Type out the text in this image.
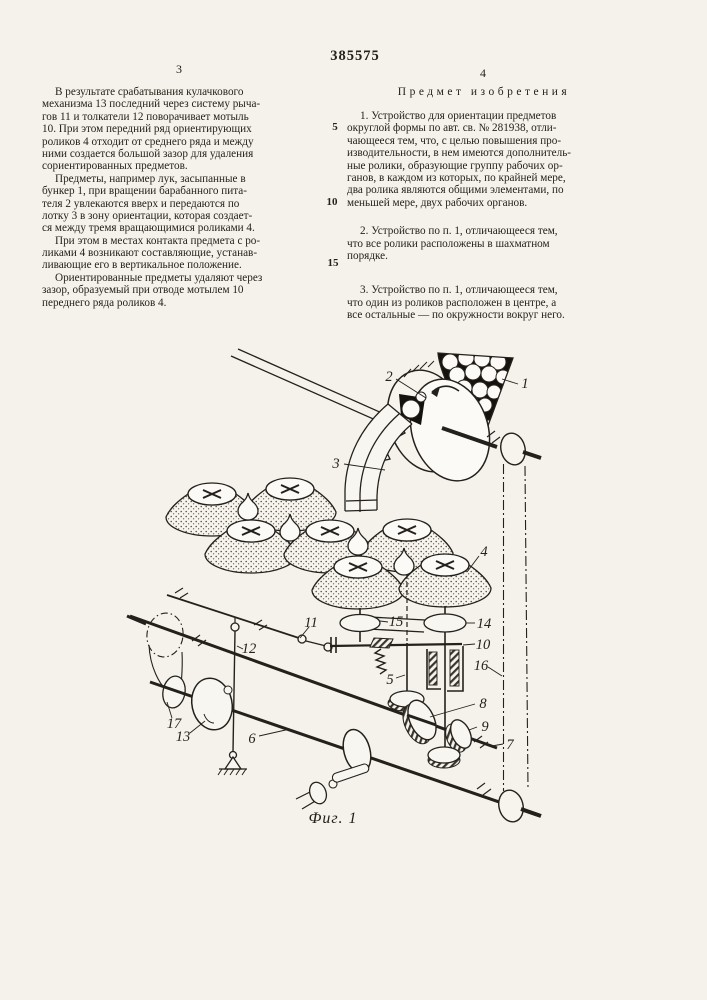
385575
3	4
5
10
15
В результате срабатывания кулачкового
механизма 13 последний через систему рыча-
гов 11 и толкатели 12 поворачивает мотыль
10. При этом передний ряд ориентирующих
роликов 4 отходит от среднего ряда и между
ними создается большой зазор для удаления
сориентированных предметов.
Предметы, например лук, засыпанные в
бункер 1, при вращении барабанного пита-
теля 2 увлекаются вверх и передаются по
лотку 3 в зону ориентации, которая создает-
ся между тремя вращающимися роликами 4.
При этом в местах контакта предмета с ро-
ликами 4 возникают составляющие, устанав-
ливающие его в вертикальное положение.
Ориентированные предметы удаляют через
зазор, образуемый при отводе мотылем 10
переднего ряда роликов 4.
Предмет изобретения
1. Устройство для ориентации предметов
округлой формы по авт. св. № 281938, отли-
чающееся тем, что, с целью повышения про-
изводительности, в нем имеются дополнитель-
ные ролики, образующие группу рабочих ор-
ганов, в каждом из которых, по крайней мере,
два ролика являются общими элементами, по
меньшей мере, двух рабочих органов.
2. Устройство по п. 1, отличающееся тем,
что все ролики расположены в шахматном
порядке.
3. Устройство по п. 1, отличающееся тем,
что один из роликов расположен в центре, а
все остальные — по окружности вокруг него.
1
2
3
4
5
6	7
8
9
10
11
12
13
14
15
16
17
Фиг. 1
